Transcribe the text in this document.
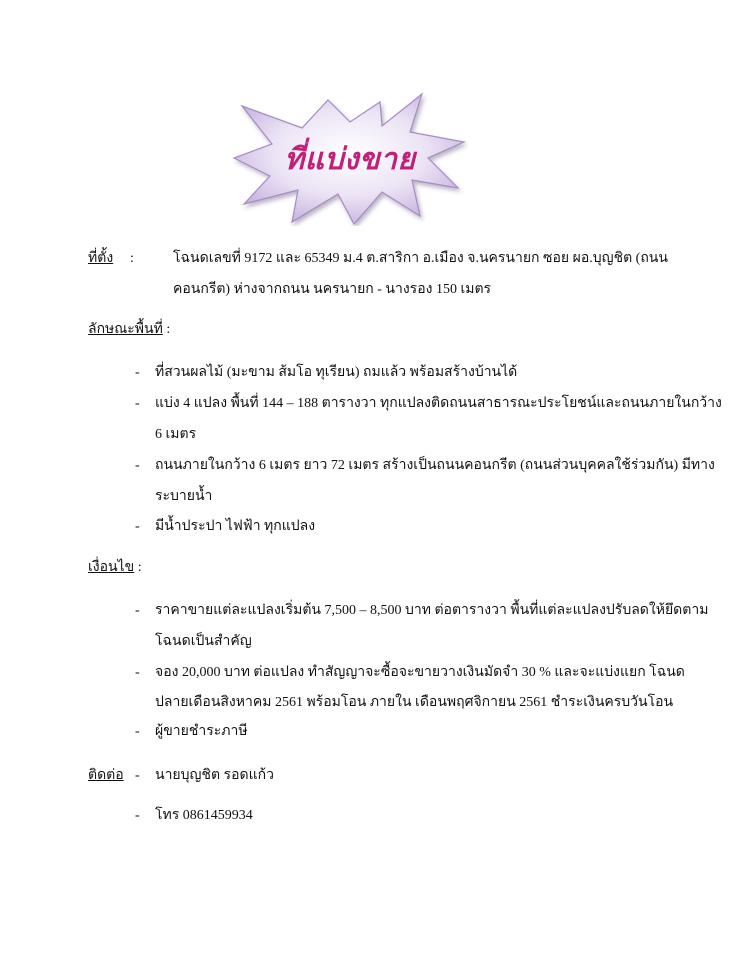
ที่แบ่งขาย
ที่ตั้ง :	โฉนดเลขที่ 9172 และ 65349 ม.4 ต.สาริกา อ.เมือง จ.นครนายก ซอย ผอ.บุญชิต (ถนน
คอนกรีต) ห่างจากถนน นครนายก - นางรอง 150 เมตร
ลักษณะพื้นที่ :
- ที่สวนผลไม้ (มะขาม ส้มโอ ทุเรียน) ถมแล้ว พร้อมสร้างบ้านได้
- แบ่ง 4 แปลง พื้นที่ 144 – 188 ตารางวา ทุกแปลงติดถนนสาธารณะประโยชน์และถนนภายในกว้าง
6 เมตร
- ถนนภายในกว้าง 6 เมตร ยาว 72 เมตร สร้างเป็นถนนคอนกรีต (ถนนส่วนบุคคลใช้ร่วมกัน) มีทาง
ระบายน้ำ
- มีน้ำประปา ไฟฟ้า ทุกแปลง
เงื่อนไข :
- ราคาขายแต่ละแปลงเริ่มต้น 7,500 – 8,500 บาท ต่อตารางวา พื้นที่แต่ละแปลงปรับลดให้ยึดตาม
โฉนดเป็นสำคัญ
- จอง 20,000 บาท ต่อแปลง ทำสัญญาจะซื้อจะขายวางเงินมัดจำ 30 % และจะแบ่งแยก โฉนด
ปลายเดือนสิงหาคม 2561 พร้อมโอน ภายใน เดือนพฤศจิกายน 2561 ชำระเงินครบวันโอน
- ผู้ขายชำระภาษี
ติดต่อ - นายบุญชิต รอดแก้ว
- โทร 0861459934
